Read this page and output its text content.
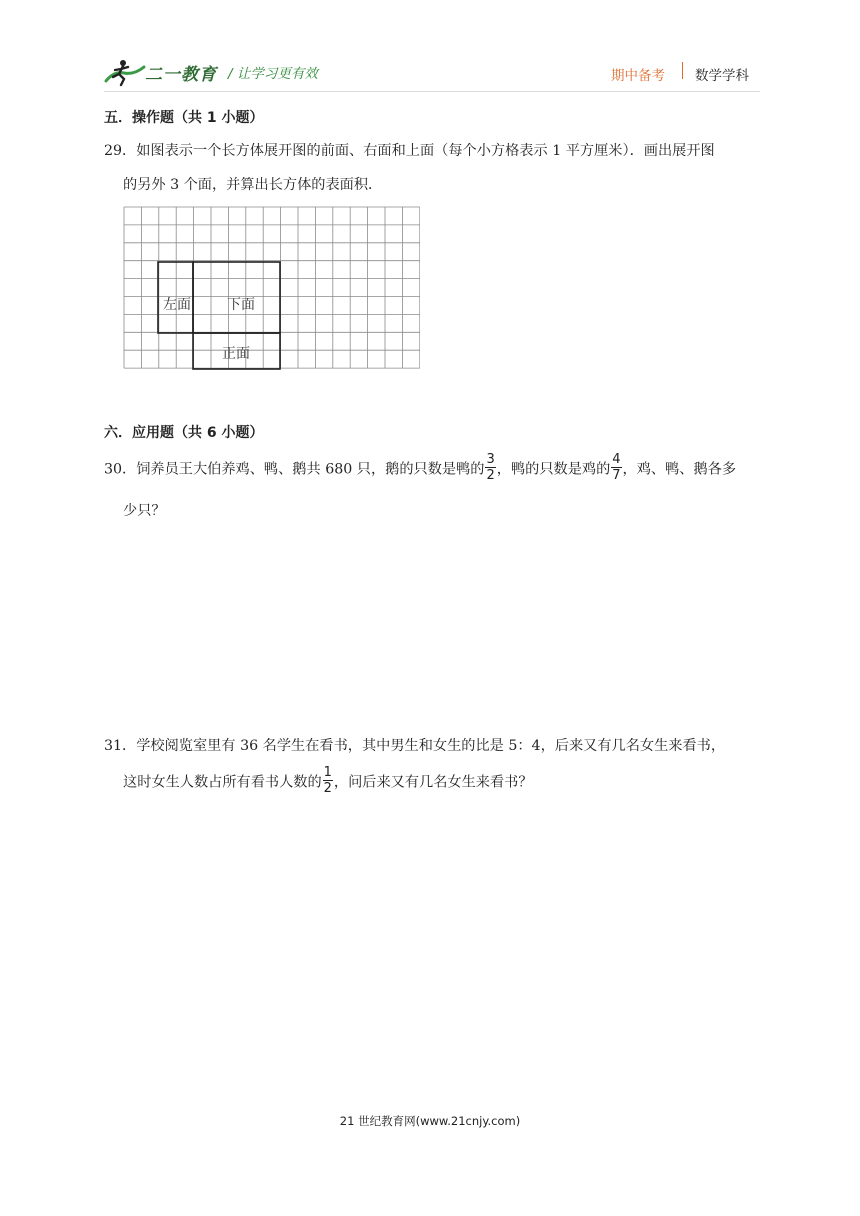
二一教育 / 让学习更有效	期中备考 数学学科
五．操作题（共 1 小题）
29．如图表示一个长方体展开图的前面、右面和上面（每个小方格表示 1 平方厘米）．画出展开图
的另外 3 个面，并算出长方体的表面积．
左面	下面
正面
六．应用题（共 6 小题）
30．饲养员王大伯养鸡、鸭、鹅共 680 只，鹅的只数是鸭的 $\frac{3}{2}$ ，鸭的只数是鸡的 $\frac{4}{7}$ ，鸡、鸭、鹅各多
少只？
31．学校阅览室里有 36 名学生在看书，其中男生和女生的比是 5：4，后来又有几名女生来看书，
这时女生人数占所有看书人数的 $\frac{1}{2}$ ，问后来又有几名女生来看书？
21 世纪教育网(www.21cnjy.com)
